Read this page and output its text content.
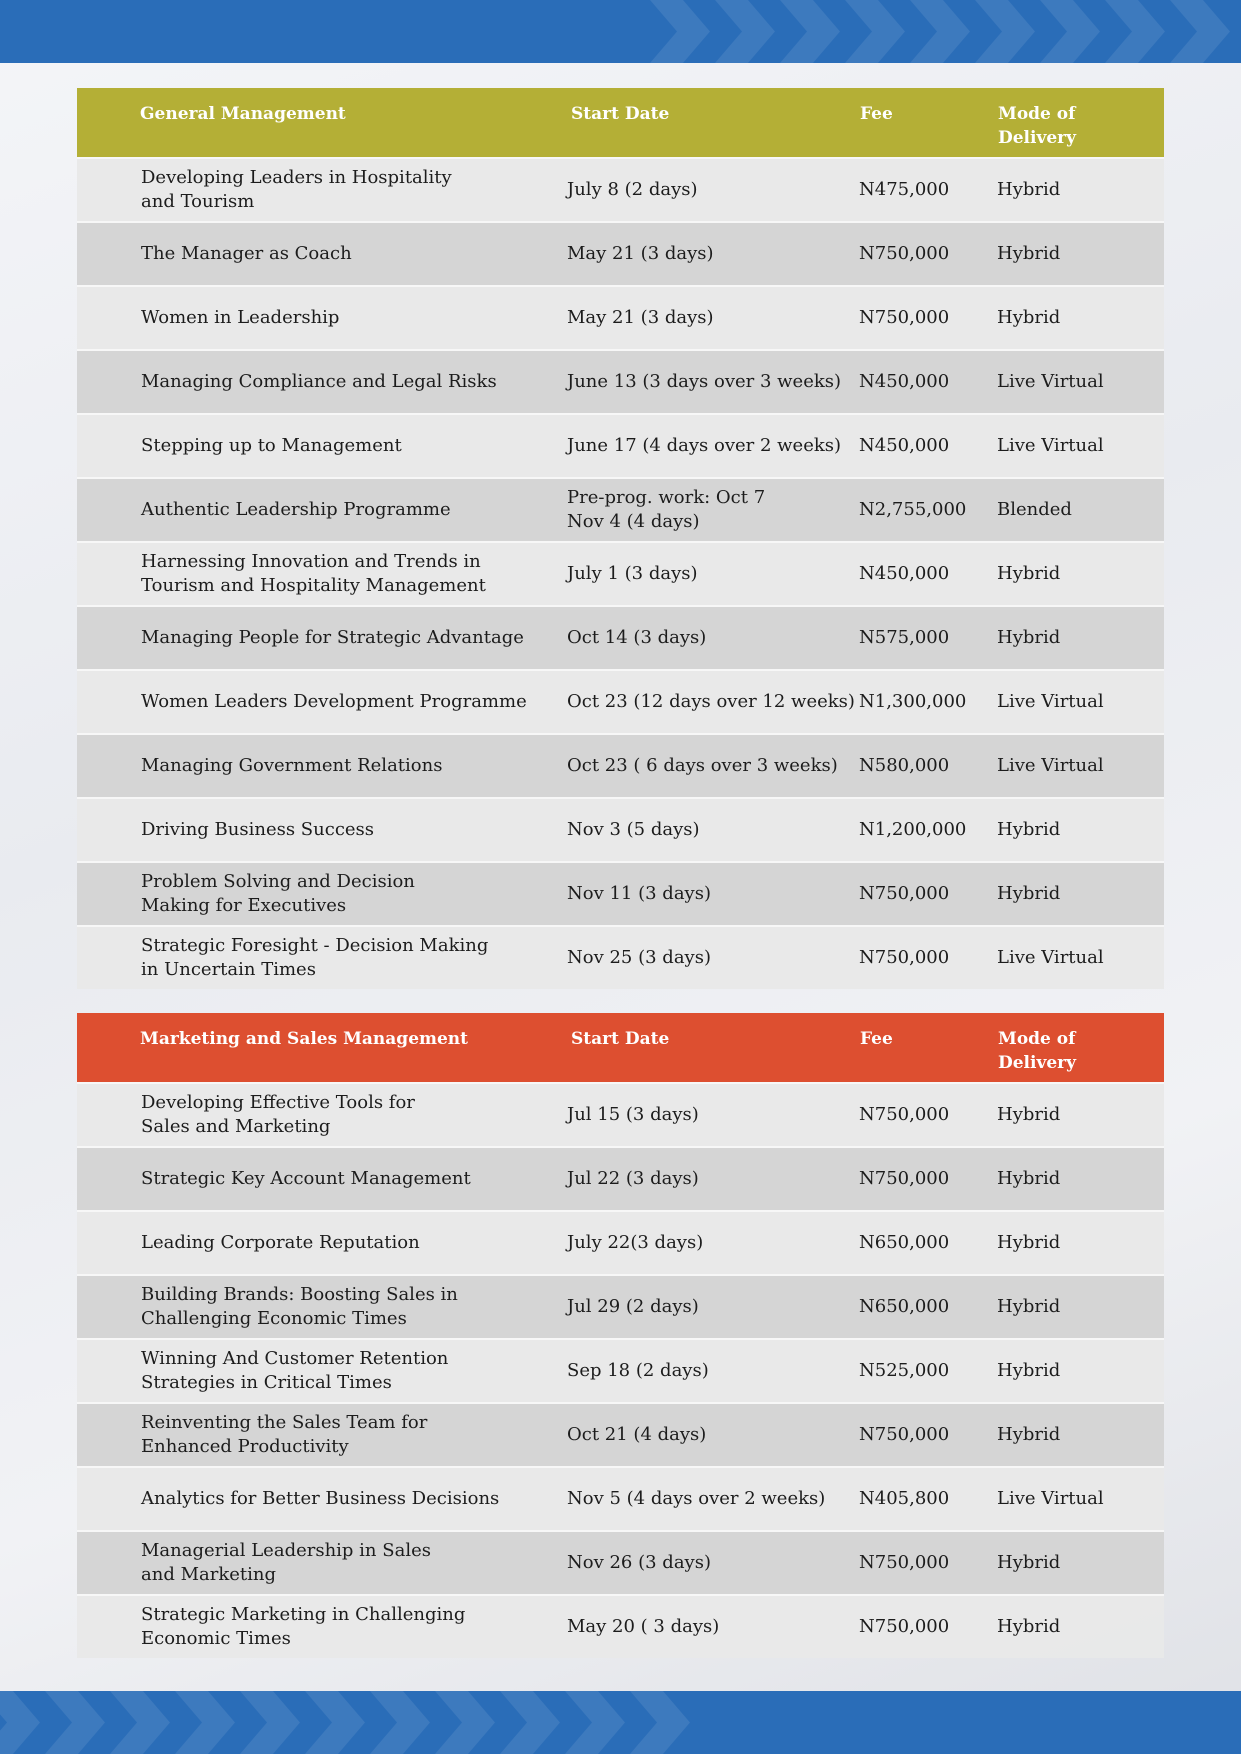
General Management	Start Date	Fee	Mode of
Delivery
Developing Leaders in Hospitality
and Tourism
July 8 (2 days)	N475,000	Hybrid
The Manager as Coach	May 21 (3 days)	N750,000	Hybrid
Women in Leadership	May 21 (3 days)	N750,000	Hybrid
Managing Compliance and Legal Risks	June 13 (3 days over 3 weeks) N450,000	Live Virtual
Stepping up to Management	June 17 (4 days over 2 weeks) N450,000	Live Virtual
Authentic Leadership Programme
Pre-prog. work: Oct 7
Nov 4 (4 days)
N2,755,000	Blended
Harnessing Innovation and Trends in
Tourism and Hospitality Management
July 1 (3 days)	N450,000	Hybrid
Managing People for Strategic Advantage	Oct 14 (3 days)	N575,000	Hybrid
Women Leaders Development Programme	Oct 23 (12 days over 12 weeks) N1,300,000	Live Virtual
Managing Government Relations	Oct 23 ( 6 days over 3 weeks)	N580,000	Live Virtual
Driving Business Success	Nov 3 (5 days)	N1,200,000	Hybrid
Problem Solving and Decision
Making for Executives
Nov 11 (3 days)	N750,000	Hybrid
Strategic Foresight - Decision Making
in Uncertain Times
Nov 25 (3 days)	N750,000	Live Virtual
Marketing and Sales Management	Start Date	Fee	Mode of
Delivery
Developing Effective Tools for
Sales and Marketing
Jul 15 (3 days)	N750,000	Hybrid
Strategic Key Account Management	Jul 22 (3 days)	N750,000	Hybrid
Leading Corporate Reputation	July 22(3 days)	N650,000	Hybrid
Building Brands: Boosting Sales in
Challenging Economic Times
Jul 29 (2 days)	N650,000	Hybrid
Winning And Customer Retention
Strategies in Critical Times
Sep 18 (2 days)	N525,000	Hybrid
Reinventing the Sales Team for
Enhanced Productivity
Oct 21 (4 days)	N750,000	Hybrid
Analytics for Better Business Decisions	Nov 5 (4 days over 2 weeks)	N405,800	Live Virtual
Managerial Leadership in Sales
and Marketing
Nov 26 (3 days)	N750,000	Hybrid
Strategic Marketing in Challenging
Economic Times
May 20 ( 3 days)	N750,000	Hybrid
